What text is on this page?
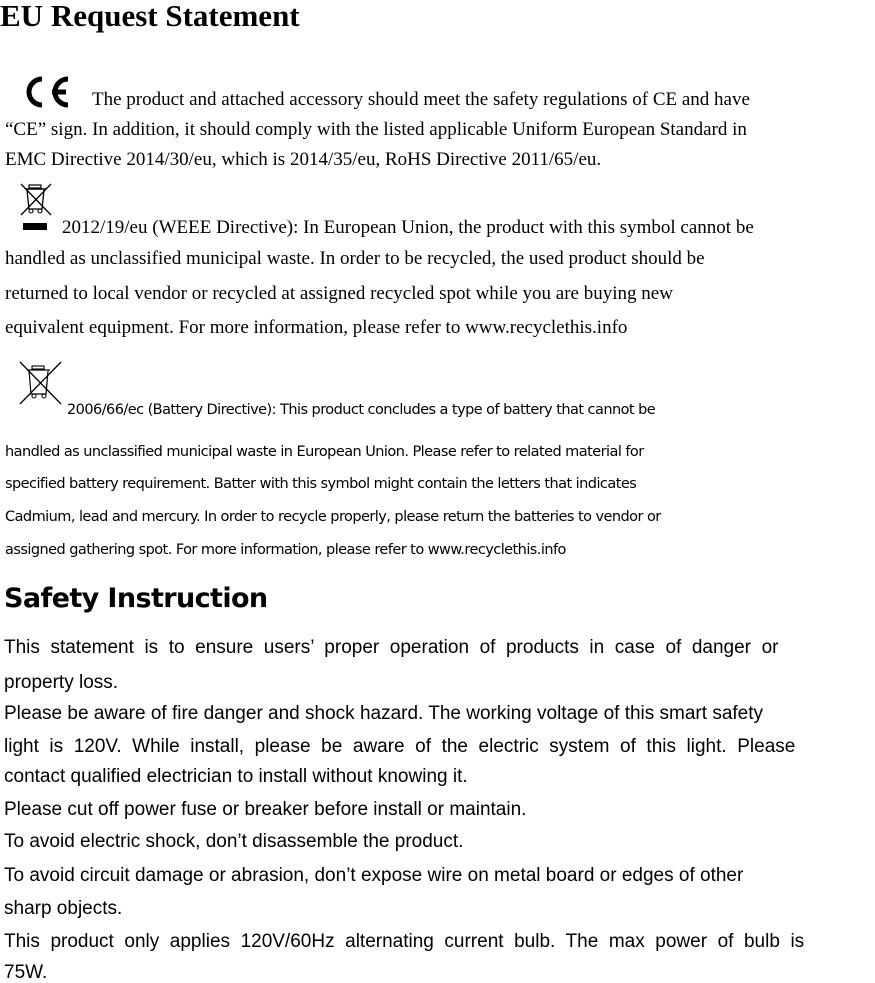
EU Request Statement

The product and attached accessory should meet the safety regulations of CE and have

“CE” sign. In addition, it should comply with the listed applicable Uniform European Standard in

EMC Directive 2014/30/eu, which is 2014/35/eu, RoHS Directive 2011/65/eu.

2012/19/eu (WEEE Directive): In European Union, the product with this symbol cannot be

handled as unclassified municipal waste. In order to be recycled, the used product should be

returned to local vendor or recycled at assigned recycled spot while you are buying new

equivalent equipment. For more information, please refer to www.recyclethis.info

2006/66/ec (Battery Directive): This product concludes a type of battery that cannot be

handled as unclassified municipal waste in European Union. Please refer to related material for

specified battery requirement. Batter with this symbol might contain the letters that indicates

Cadmium, lead and mercury. In order to recycle properly, please return the batteries to vendor or

assigned gathering spot. For more information, please refer to www.recyclethis.info

Safety Instruction

This  statement  is  to  ensure  users’  proper  operation  of  products  in  case  of  danger  or

property loss.

Please be aware of fire danger and shock hazard. The working voltage of this smart safety

light  is  120V.  While  install,  please  be  aware  of  the  electric  system  of  this  light.  Please

contact qualified electrician to install without knowing it.

Please cut off power fuse or breaker before install or maintain.

To avoid electric shock, don’t disassemble the product.

To avoid circuit damage or abrasion, don’t expose wire on metal board or edges of other

sharp objects.

This  product  only  applies  120V/60Hz  alternating  current  bulb.  The  max  power  of  bulb  is

75W.
